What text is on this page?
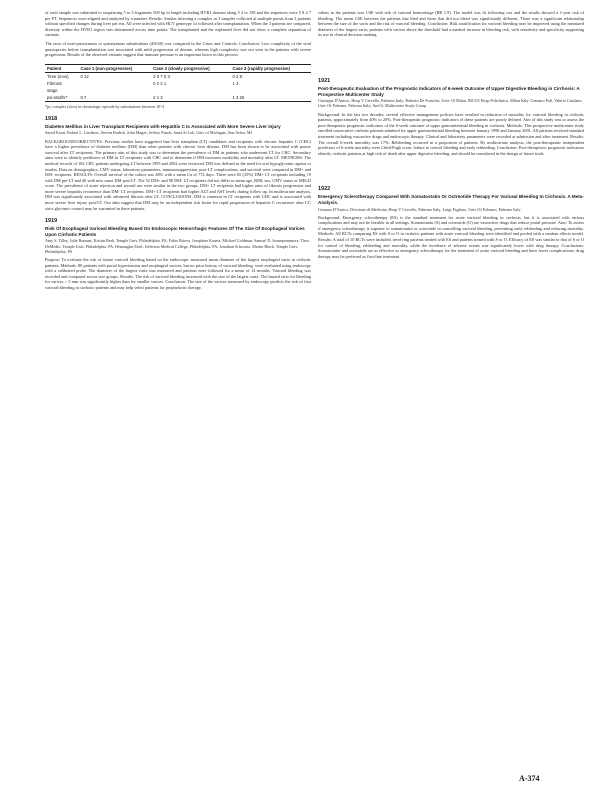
of each sample was submitted to sequencing 5 to 3 fragments 500 bp in length including HVR1 domain along 5 4 to 158 and the sequences were 5 8 4 7 per PT. Sequences were aligned and analyzed by a number. Results: Similar infecting a complex in 3 samples collected at multiple points from 3 patients without specified changes during liver pat ern. All were infected with HCV genotype 1a followed after transplantation. When the 3 patients are compared, diversity within the HVR1 region was determined across time points. The transplanted and the explanted liver did not show a complete separation of variants.

The ratio of non-synonymous to synonymous substitutions (dN/dS) was compared in the Cases and Controls. Conclusion: Low complexity of the viral quasispecies before transplantation was associated with mild progression of disease, whereas high complexity was not seen in the patients with severe progression. Results of the observed variants suggest that immune pressure is an important factor in this process.

Patient	Case 1 (non-progressive)	Case 2 (slowly progressive)	Case 3 (rapidly progressive)
Time (mos)	0 12	2 0 7 0 3	0 2 8
Fibrosis		0 2 2 1	1 3
stage			
psi-stat/hr*	0.7	2 1 3	1 3 26

*ps, complex (sites) in chronologic episode by substitutions between 10^4

1918
Diabetes Mellitus in Liver Transplant Recipients with Hepatitis C Is Associated with More Severe Liver Injury
Sayed Ezzat, Robert L. Carithers, Steven Rudich, John Magee, Jeffrey Punch, Anna Sl Lok, Univ of Michigan, Ann Arbor, MI

BACKGROUND/OBJECTIVES: Previous studies have suggested that liver transplant (LT) candidates and recipients with chronic hepatitis C (CHC) have a higher prevalence of diabetes mellitus (DM) than other patients with chronic liver disease. DM has been shown to be associated with poorer survival after LT recipients. The primary aim of this study was to determine the prevalence of DM in patients who underwent LT for CHC. Secondary aims were to identify predictors of DM in LT recipients with CHC and to determine if DM increases morbidity and mortality after LT. METHODS: The medical records of 182 CHC patients undergoing LT between 1995 and 2002 were reviewed. DM was defined as the need for oral hypoglycemic agents or insulin. Data on demographics, CMV status, laboratory parameters, immunosuppression, post-LT complications, and survival were compared in DM+ and DM- recipients. RESULTS: Overall survival of the cohort was 48% with a mean f/u of 772 days. There were 65 (35%) DM+ LT recipients including 19 with DM pre-LT and 46 with new onset DM post-LT. The 52 DM+ and 98 DM- LT recipients did not differ in mean age, BMI, sex, CMV status or MELD score. The prevalence of acute rejection and steroid use were similar in the two groups. DM+ LT recipients had higher rates of fibrosis progression and more severe hepatitis recurrence than DM- LT recipients. DM+ LT recipients had higher ALT and AST levels during follow up. In multivariate analysis, DM was significantly associated with advanced fibrosis after LT. CONCLUSIONS: DM is common in LT recipients with CHC and is associated with more severe liver injury post-LT. Our data suggest that DM may be an independent risk factor for rapid progression of hepatitis C recurrence after LT; strict glycemic control may be warranted in these patients.

1919
Risk Of Esophageal Variceal Bleeding Based On Endoscopic Hemorrhagic Features Of The Size Of Esophageal Varices Upon Cirrhotic Patients
Amy S. Tilley, Julie Rutman, Kristin Berk, Temple Univ, Philadelphia, PA; Fabio Brieva, Josephine Kaseta, Michael Goldman, Samuel D. Somepointmore, Thea DeMedio, Temple Univ, Philadelphia, PA; Hemangini Patel, Jefferson Medical College, Philadelphia, PA; Jonathan Schwartz, Martin Black, Temple Univ, Philadelphia, PA

Purpose: To evaluate the risk of future variceal bleeding based on the endoscopic measured mean diameter of the largest esophageal varix in cirrhotic patients. Methods: 80 patients with portal hypertension and esophageal varices, but no prior history of variceal bleeding, were evaluated using endoscopy with a calibrated probe. The diameter of the largest varix was measured and patients were followed for a mean of 12 months. Variceal bleeding was recorded and compared across size groups. Results: The risk of variceal bleeding increased with the size of the largest varix. The hazard ratio for bleeding for varices > 5 mm was significantly higher than for smaller varices. Conclusion: The size of the varices measured by endoscopy predicts the risk of first variceal bleeding in cirrhotic patients and may help select patients for prophylactic therapy.

values in the patients was CSE with risk of variceal hemorrhage (RR 1.9). The model was fit following cox and the results showed a 1-year risk of bleeding. The mean CSE between the patients that bled and those that did not bleed was significantly different. There was a significant relationship between the size of the varix and the risk of variceal bleeding. Conclusion: Risk stratification for variceal bleeding may be improved using the measured diameter of the largest varix; patients with varices above the threshold had a marked increase in bleeding risk, with sensitivity and specificity supporting its use in clinical decision making.

1921
Post-therapeutic Evaluation of the Prognostic Indicators of 6-week Outcome of Upper Digestive Bleeding in Cirrhosis: A Prospective Multicenter Study
Giuseppe D'Amico, Hosp V Cervello, Palermo Italy; Roberto De Franchis, Univ Of Milan, IRCCS Hosp Policlinico, Milan Italy; Gennaro Pali, Valerio Catalano, Univ Of Palermo, Palermo Italy; And It. Multicenter Study Group

Background: In the last two decades, several effective management policies have resulted in reduction of mortality for variceal bleeding in cirrhotic patients, approximately from 40% to 20%. Post-therapeutic prognostic indicators of these patients are poorly defined. Aim of this study was to assess the post-therapeutic prognostic indicators of the 6-week outcome of upper gastrointestinal bleeding in cirrhosis. Methods: This prospective multicenter study enrolled consecutive cirrhotic patients admitted for upper gastrointestinal bleeding between January 1998 and January 2001. All patients received standard treatment including vasoactive drugs and endoscopic therapy. Clinical and laboratory parameters were recorded at admission and after treatment. Results: The overall 6-week mortality was 17%. Rebleeding occurred in a proportion of patients. By multivariate analysis, the post-therapeutic independent predictors of 6-week mortality were Child-Pugh score, failure to control bleeding and early rebleeding. Conclusion: Post-therapeutic prognostic indicators identify cirrhotic patients at high risk of death after upper digestive bleeding, and should be considered in the design of future trials.

1922
Emergency Sclerotherapy Compared With Somatostatin Or Octreotide Therapy For Variceal Bleeding In Cirrhosis. A Meta-Analysis.
Gennaro D'Amico, Divisione di Medicina, Hosp V Cervello, Palermo Italy; Luigi Pagliaro, Univ Of Palermo, Palermo Italy

Background: Emergency sclerotherapy (ES) is the standard treatment for acute variceal bleeding in cirrhosis, but it is associated with serious complications and may not be feasible in all settings. Somatostatin (S) and octreotide (O) are vasoactive drugs that reduce portal pressure. Aim: To assess if emergency sclerotherapy is superior to somatostatin or octreotide in controlling variceal bleeding, preventing early rebleeding and reducing mortality. Methods: All RCTs comparing ES with S or O in cirrhotic patients with acute variceal bleeding were identified and pooled with a random effects model. Results: A total of 10 RCTs were included, involving patients treated with ES and patients treated with S or O. Efficacy of ES was similar to that of S or O for control of bleeding, rebleeding and mortality, while the incidence of adverse events was significantly lower with drug therapy. Conclusions: Somatostatin and octreotide are as effective as emergency sclerotherapy for the treatment of acute variceal bleeding and have fewer complications; drug therapy may be preferred as first-line treatment.

A-374
